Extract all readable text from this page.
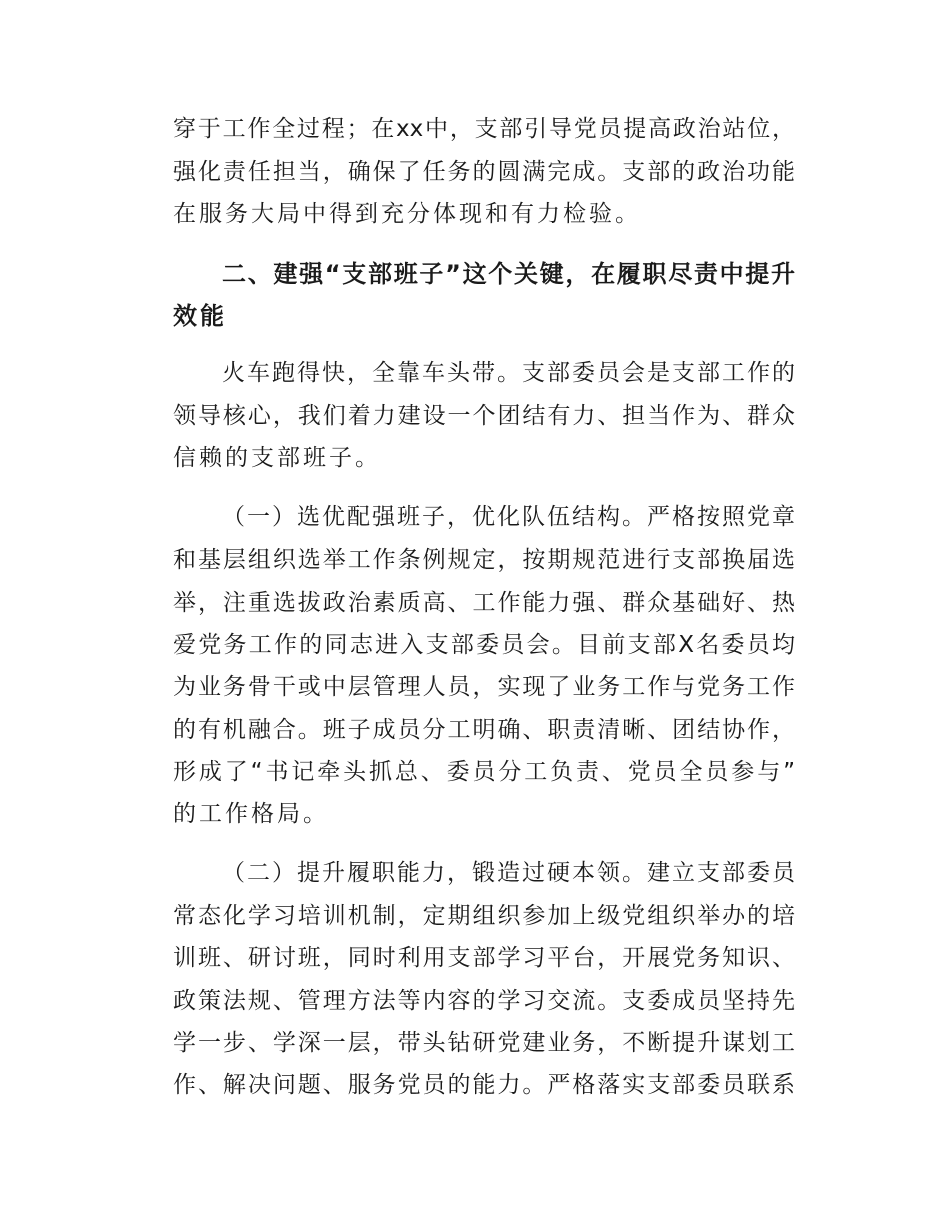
穿于工作全过程；在xx中，支部引导党员提高政治站位，
强化责任担当，确保了任务的圆满完成。支部的政治功能
在服务大局中得到充分体现和有力检验。
二、建强“支部班子”这个关键，在履职尽责中提升
效能
火车跑得快，全靠车头带。支部委员会是支部工作的
领导核心，我们着力建设一个团结有力、担当作为、群众
信赖的支部班子。
（一）选优配强班子，优化队伍结构。严格按照党章
和基层组织选举工作条例规定，按期规范进行支部换届选
举，注重选拔政治素质高、工作能力强、群众基础好、热
爱党务工作的同志进入支部委员会。目前支部X名委员均
为业务骨干或中层管理人员，实现了业务工作与党务工作
的有机融合。班子成员分工明确、职责清晰、团结协作，
形成了“书记牵头抓总、委员分工负责、党员全员参与”
的工作格局。
（二）提升履职能力，锻造过硬本领。建立支部委员
常态化学习培训机制，定期组织参加上级党组织举办的培
训班、研讨班，同时利用支部学习平台，开展党务知识、
政策法规、管理方法等内容的学习交流。支委成员坚持先
学一步、学深一层，带头钻研党建业务，不断提升谋划工
作、解决问题、服务党员的能力。严格落实支部委员联系
